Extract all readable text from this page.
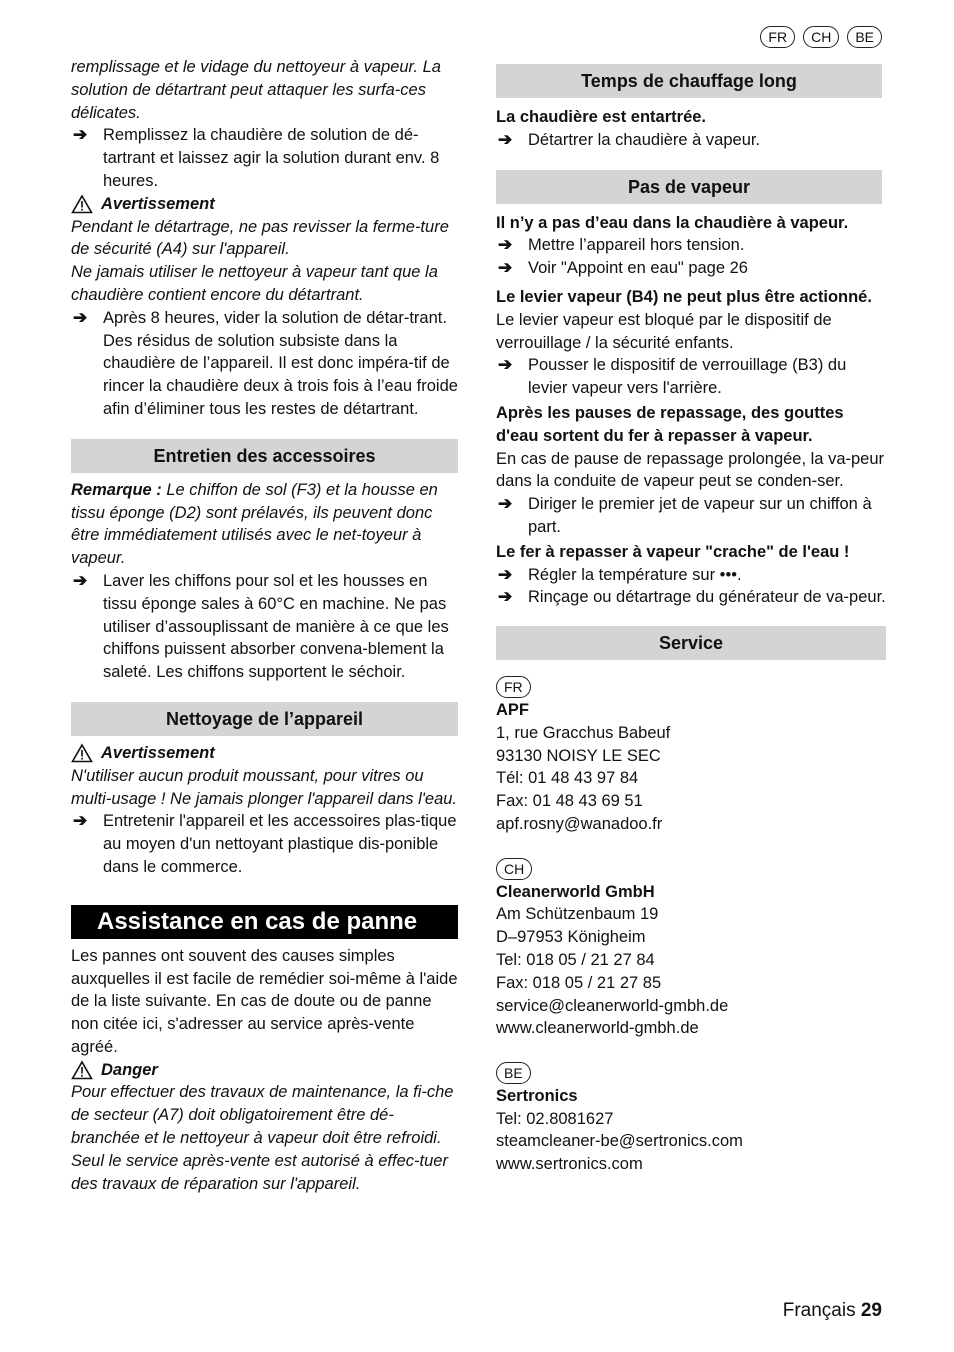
FR	CH	BE

remplissage et le vidage du nettoyeur à vapeur. La solution de détartrant peut attaquer les surfa-ces délicates.

➔ Remplissez la chaudière de solution de dé-tartrant et laissez agir la solution durant env. 8 heures.
Avertissement

Pendant le détartrage, ne pas revisser la ferme-ture de sécurité (A4) sur l'appareil.

Ne jamais utiliser le nettoyeur à vapeur tant que la chaudière contient encore du détartrant.

➔ Après 8 heures, vider la solution de détar-trant. Des résidus de solution subsiste dans la chaudière de l’appareil. Il est donc impéra-tif de rincer la chaudière deux à trois fois à l’eau froide afin d’éliminer tous les restes de détartrant.
Entretien des accessoires

Remarque : Le chiffon de sol (F3) et la housse en tissu éponge (D2) sont prélavés, ils peuvent donc être immédiatement utilisés avec le net-toyeur à vapeur.

➔ Laver les chiffons pour sol et les housses en tissu éponge sales à 60°C en machine. Ne pas utiliser d’assouplissant de manière à ce que les chiffons puissent absorber convena-blement la saleté. Les chiffons supportent le séchoir.
Nettoyage de l’appareil
Avertissement

N'utiliser aucun produit moussant, pour vitres ou multi-usage ! Ne jamais plonger l'appareil dans l'eau.

➔ Entretenir l'appareil et les accessoires plas-tique au moyen d'un nettoyant plastique dis-ponible dans le commerce.
Assistance en cas de panne

Les pannes ont souvent des causes simples auxquelles il est facile de remédier soi-même à l'aide de la liste suivante. En cas de doute ou de panne non citée ici, s'adresser au service après-vente agréé.

Danger

Pour effectuer des travaux de maintenance, la fi-che de secteur (A7) doit obligatoirement être dé-branchée et le nettoyeur à vapeur doit être refroidi.

Seul le service après-vente est autorisé à effec-tuer des travaux de réparation sur l'appareil.

Temps de chauffage long

La chaudière est entartrée.

➔ Détartrer la chaudière à vapeur.
Pas de vapeur

Il n’y a pas d’eau dans la chaudière à vapeur.

➔ Mettre l’appareil hors tension.
➔ Voir "Appoint en eau" page 26

Le levier vapeur (B4) ne peut plus être actionné.

Le levier vapeur est bloqué par le dispositif de verrouillage / la sécurité enfants.

➔ Pousser le dispositif de verrouillage (B3) du levier vapeur vers l'arrière.

Après les pauses de repassage, des gouttes d'eau sortent du fer à repasser à vapeur.

En cas de pause de repassage prolongée, la va-peur dans la conduite de vapeur peut se conden-ser.

➔ Diriger le premier jet de vapeur sur un chiffon à part.

Le fer à repasser à vapeur "crache" de l'eau !

➔ Régler la température sur •••.
➔ Rinçage ou détartrage du générateur de va-peur.
Service
FR

APF

1, rue Gracchus Babeuf

93130 NOISY LE SEC

Tél: 01 48 43 97 84

Fax: 01 48 43 69 51

apf.rosny@wanadoo.fr

CH

Cleanerworld GmbH

Am Schützenbaum 19

D–97953 Königheim

Tel: 018 05 / 21 27 84

Fax: 018 05 / 21 27 85

service@cleanerworld-gmbh.de

www.cleanerworld-gmbh.de

BE

Sertronics

Tel: 02.8081627

steamcleaner-be@sertronics.com

www.sertronics.com

Français 29
